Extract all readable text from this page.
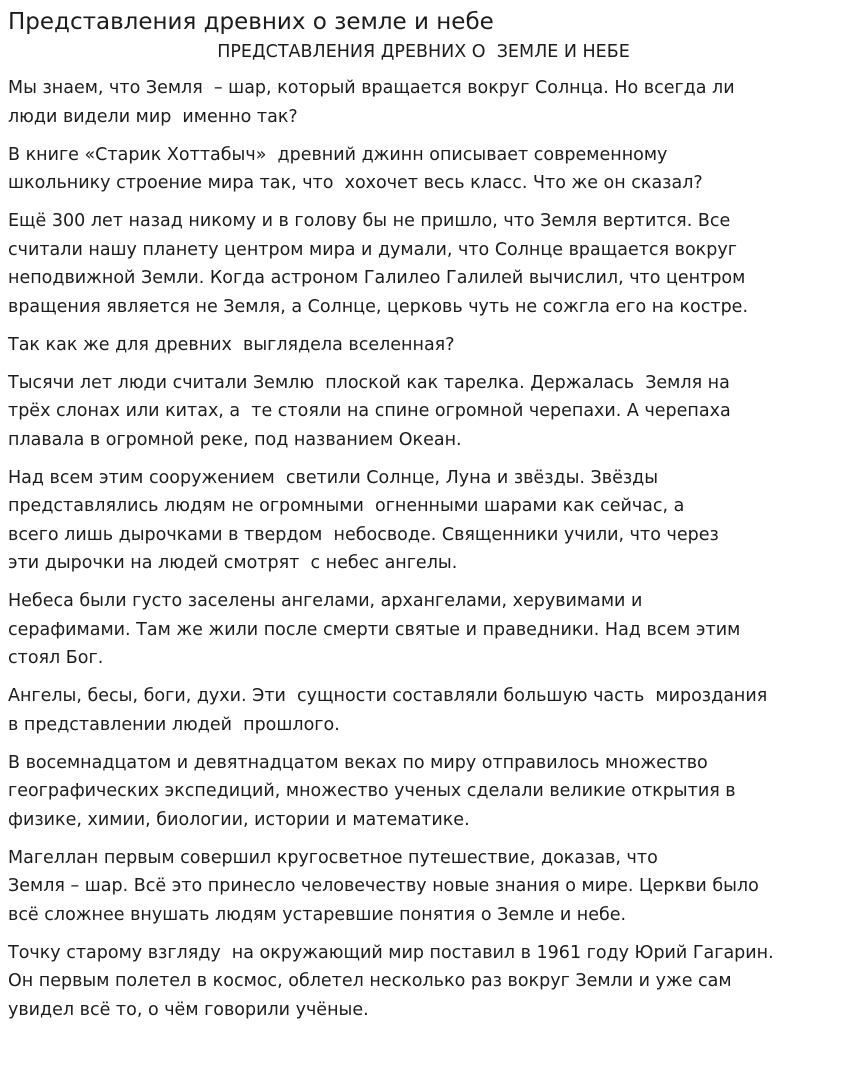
Представления древних о земле и небе
ПРЕДСТАВЛЕНИЯ ДРЕВНИХ О  ЗЕМЛЕ И НЕБЕ

Мы знаем, что Земля  – шар, который вращается вокруг Солнца. Но всегда ли
люди видели мир  именно так?

В книге «Старик Хоттабыч»  древний джинн описывает современному
школьнику строение мира так, что  хохочет весь класс. Что же он сказал?

Ещё 300 лет назад никому и в голову бы не пришло, что Земля вертится. Все
считали нашу планету центром мира и думали, что Солнце вращается вокруг
неподвижной Земли. Когда астроном Галилео Галилей вычислил, что центром
вращения является не Земля, а Солнце, церковь чуть не сожгла его на костре.

Так как же для древних  выглядела вселенная?

Тысячи лет люди считали Землю  плоской как тарелка. Держалась  Земля на
трёх слонах или китах, а  те стояли на спине огромной черепахи. А черепаха
плавала в огромной реке, под названием Океан.

Над всем этим сооружением  светили Солнце, Луна и звёзды. Звёзды
представлялись людям не огромными  огненными шарами как сейчас, а
всего лишь дырочками в твердом  небосводе. Священники учили, что через
эти дырочки на людей смотрят  с небес ангелы.

Небеса были густо заселены ангелами, архангелами, херувимами и
серафимами. Там же жили после смерти святые и праведники. Над всем этим
стоял Бог.

Ангелы, бесы, боги, духи. Эти  сущности составляли большую часть  мироздания
в представлении людей  прошлого.

В восемнадцатом и девятнадцатом веках по миру отправилось множество
географических экспедиций, множество ученых сделали великие открытия в
физике, химии, биологии, истории и математике.

Магеллан первым совершил кругосветное путешествие, доказав, что
Земля – шар. Всё это принесло человечеству новые знания о мире. Церкви было
всё сложнее внушать людям устаревшие понятия о Земле и небе.

Точку старому взгляду  на окружающий мир поставил в 1961 году Юрий Гагарин.
Он первым полетел в космос, облетел несколько раз вокруг Земли и уже сам
увидел всё то, о чём говорили учёные.
